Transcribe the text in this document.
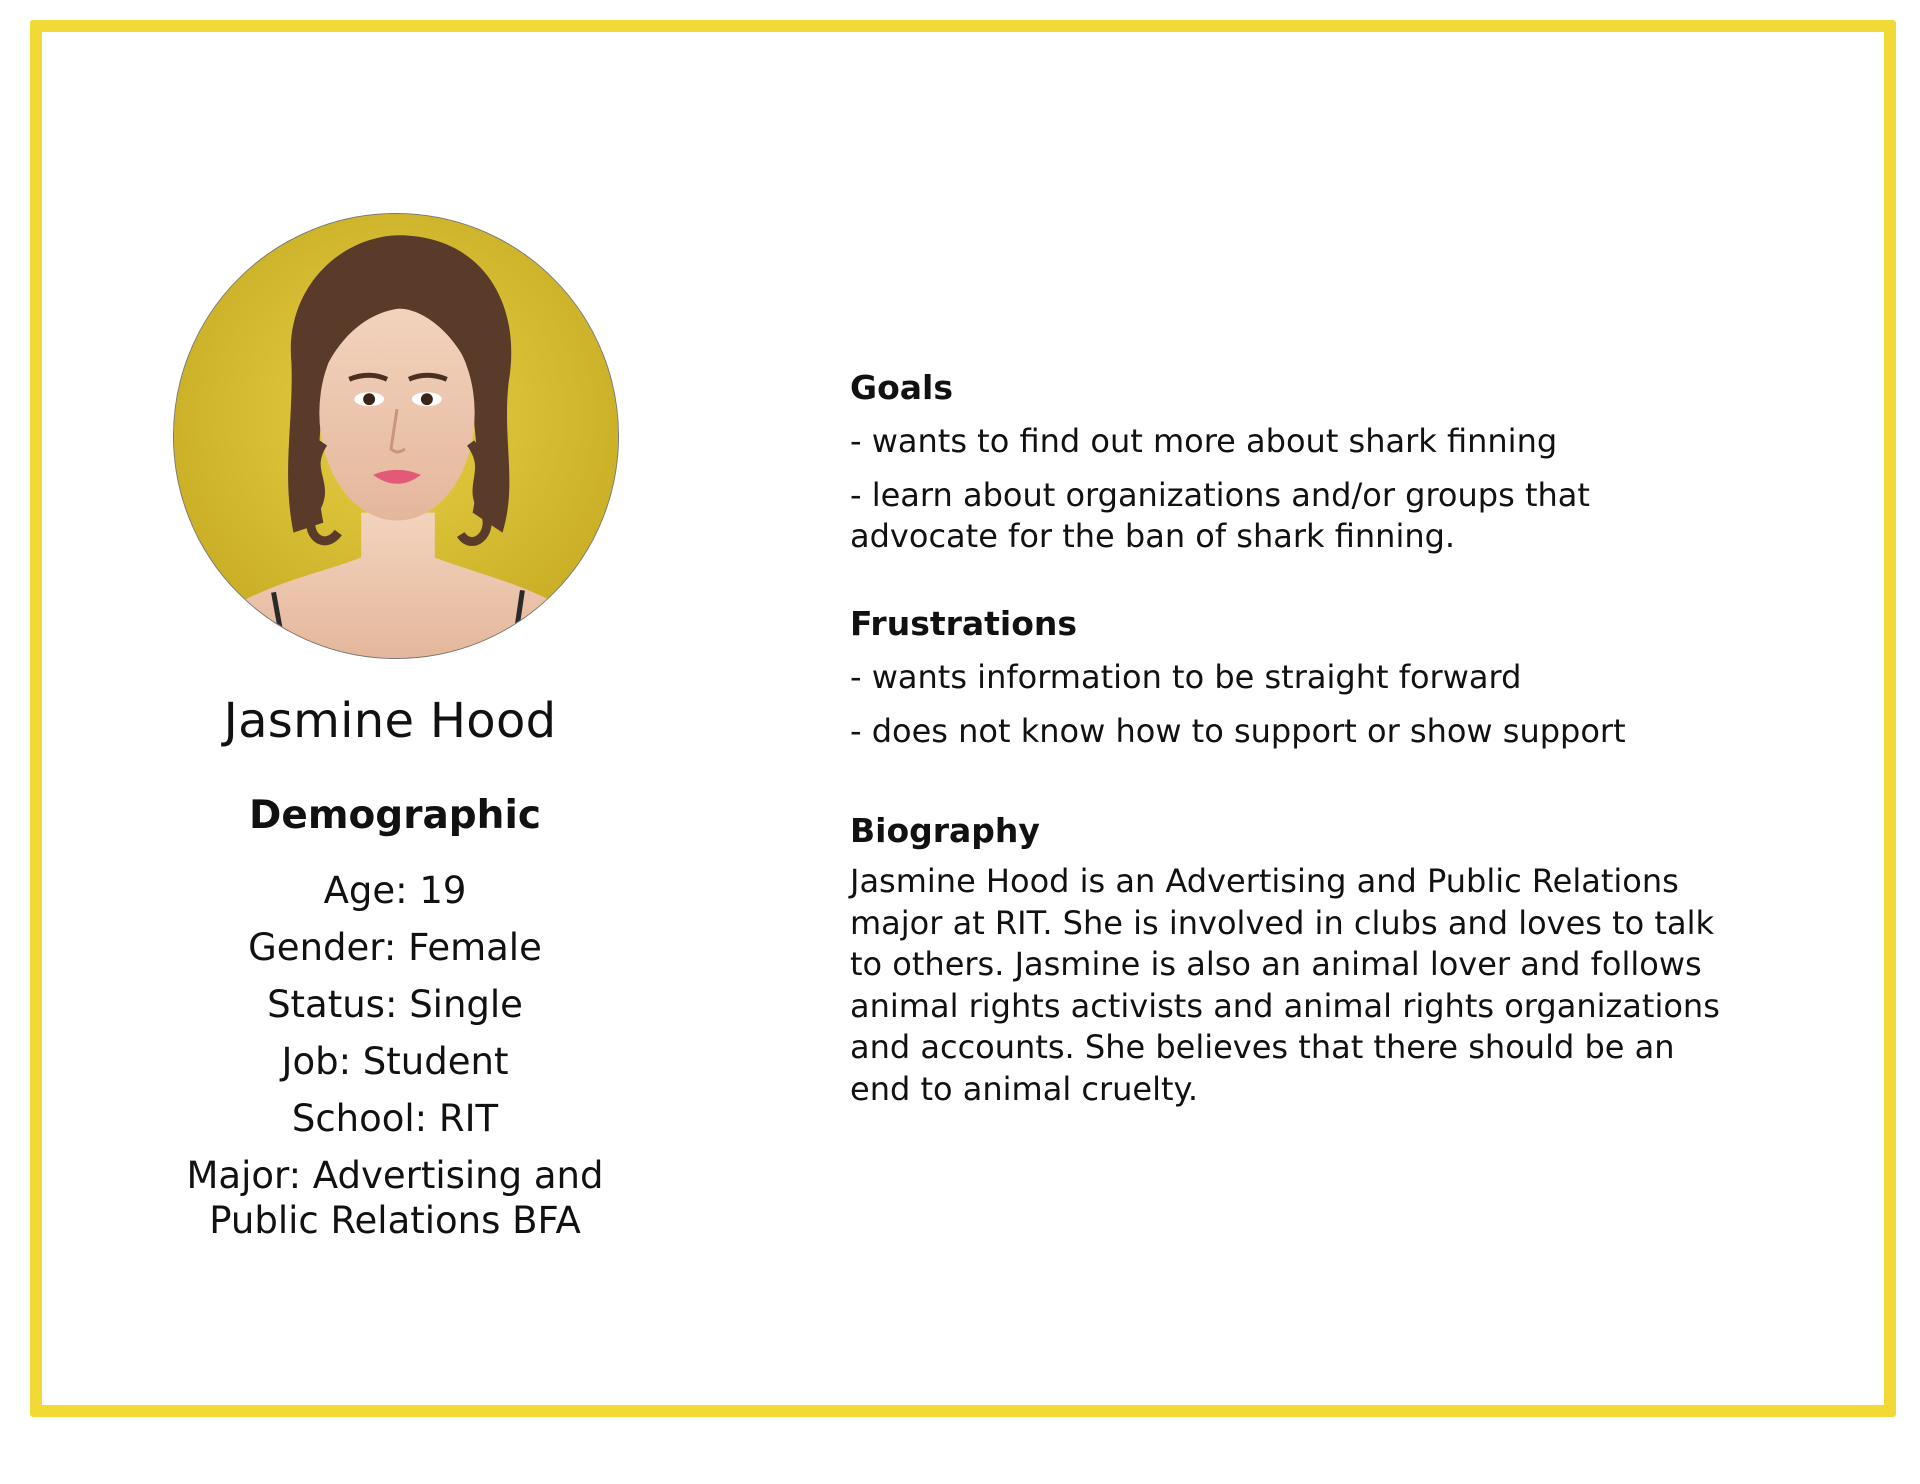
Jasmine Hood
Demographic
Age: 19
Gender: Female
Status: Single
Job: Student
School: RIT
Major: Advertising and Public Relations BFA
Goals
- wants to find out more about shark finning
- learn about organizations and/or groups that advocate for the ban of shark finning.
Frustrations
- wants information to be straight forward
- does not know how to support or show support
Biography

Jasmine Hood is an Advertising and Public Relations major at RIT. She is involved in clubs and loves to talk to others. Jasmine is also an animal lover and follows animal rights activists and animal rights organizations and accounts. She believes that there should be an end to animal cruelty.
